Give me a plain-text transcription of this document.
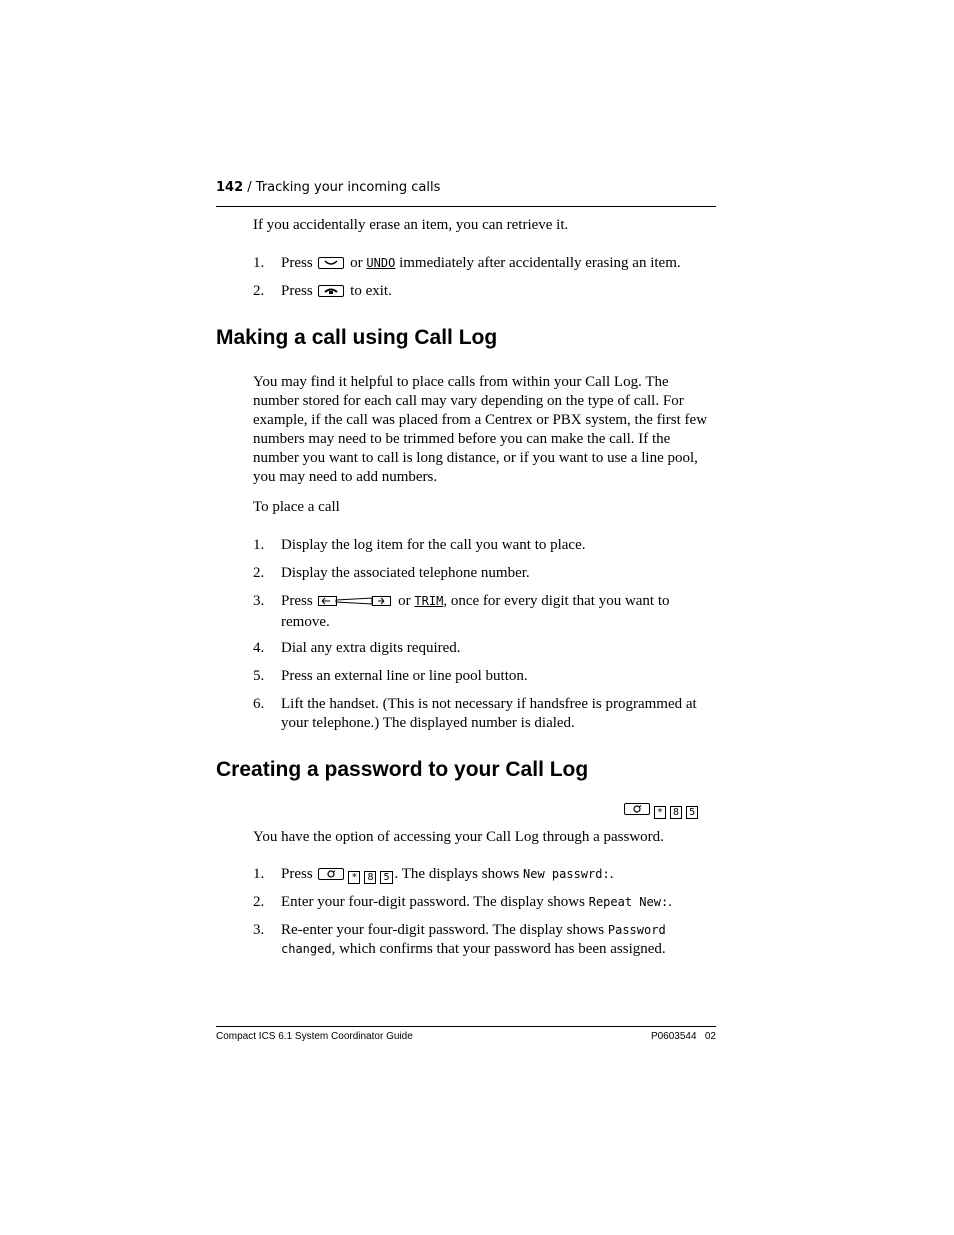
142 / Tracking your incoming calls
If you accidentally erase an item, you can retrieve it.
1. Press	or UNDO immediately after accidentally erasing an item.
2. Press	to exit.
Making a call using Call Log
You may find it helpful to place calls from within your Call Log. The number stored for each call may vary depending on the type of call. For example, if the call was placed from a Centrex or PBX system, the first few numbers may need to be trimmed before you can make the call. If the number you want to call is long distance, or if you want to use a line pool, you may need to add numbers.
To place a call
1. Display the log item for the call you want to place.
2. Display the associated telephone number.
3. Press	or TRIM, once for every digit that you want to remove.
4. Dial any extra digits required.
5. Press an external line or line pool button.
6. Lift the handset. (This is not necessary if handsfree is programmed at your telephone.) The displayed number is dialed.
Creating a password to your Call Log
* 8 5
You have the option of accessing your Call Log through a password.
1. Press	* 8 5 . The displays shows New passwrd:.
2. Enter your four-digit password. The display shows Repeat New:.
3. Re-enter your four-digit password. The display shows Password changed, which confirms that your password has been assigned.
Compact ICS 6.1 System Coordinator Guide	P0603544   02
